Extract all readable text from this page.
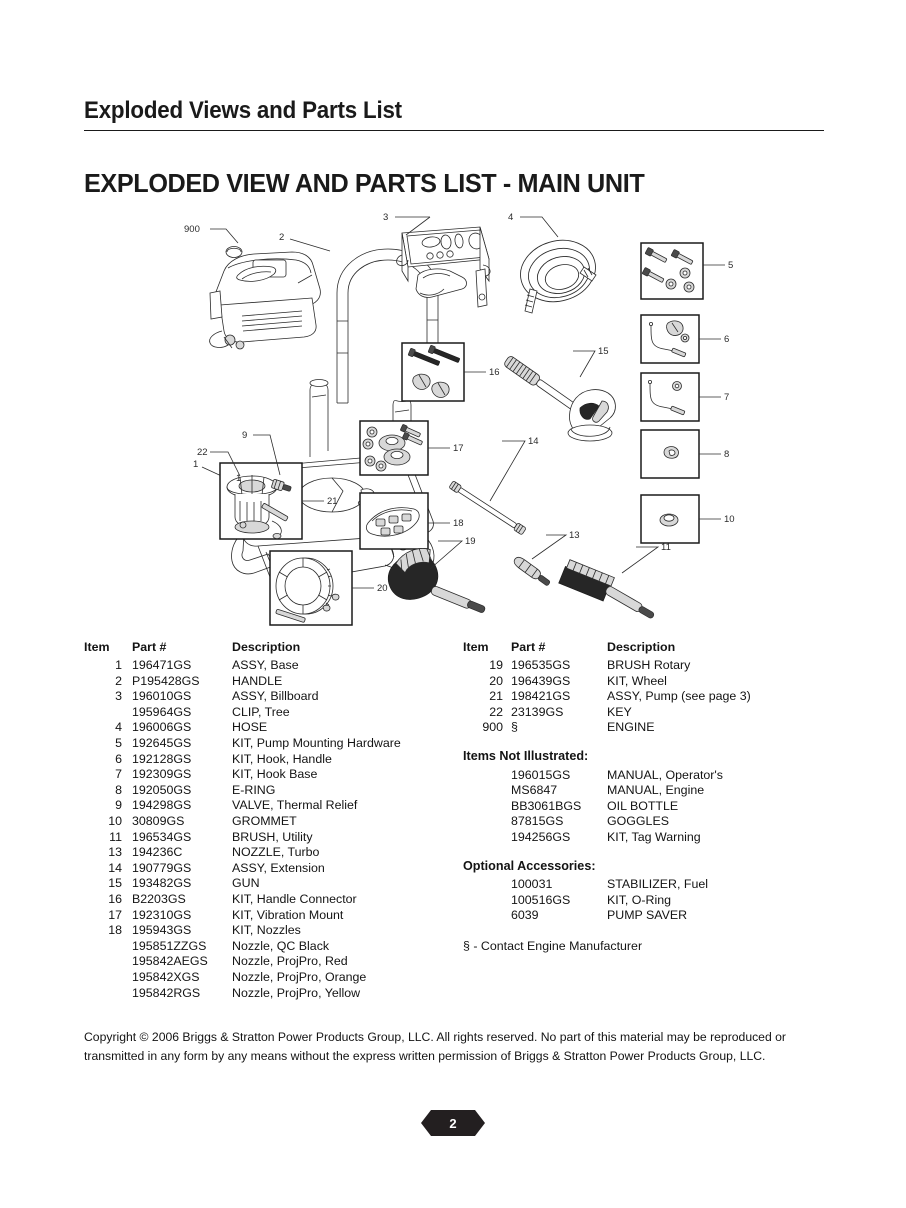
Exploded Views and Parts List
EXPLODED VIEW AND PARTS LIST - MAIN UNIT
900
1
2
3	4
5
6
7
8
10
16
17
18
21
22
1
9
20
15
14
19
13
11
Item	Part #	Description
1 196471GS	ASSY, Base
2 P195428GS	HANDLE
3 196010GS	ASSY, Billboard
195964GS	CLIP, Tree
4 196006GS	HOSE
5 192645GS	KIT, Pump Mounting Hardware
6 192128GS	KIT, Hook, Handle
7 192309GS	KIT, Hook Base
8 192050GS	E-RING
9 194298GS	VALVE, Thermal Relief
10 30809GS	GROMMET
11 196534GS	BRUSH, Utility
13 194236C	NOZZLE, Turbo
14 190779GS	ASSY, Extension
15 193482GS	GUN
16 B2203GS	KIT, Handle Connector
17 192310GS	KIT, Vibration Mount
18 195943GS	KIT, Nozzles
195851ZZGS	Nozzle, QC Black
195842AEGS	Nozzle, ProjPro, Red
195842XGS	Nozzle, ProjPro, Orange
195842RGS	Nozzle, ProjPro, Yellow
Item	Part #	Description
19 196535GS	BRUSH Rotary
20 196439GS	KIT, Wheel
21 198421GS	ASSY, Pump (see page 3)
22 23139GS	KEY
900 §	ENGINE
Items Not Illustrated:
196015GS	MANUAL, Operator's
MS6847	MANUAL, Engine
BB3061BGS	OIL BOTTLE
87815GS	GOGGLES
194256GS	KIT, Tag Warning
Optional Accessories:
100031	STABILIZER, Fuel
100516GS	KIT, O-Ring
6039	PUMP SAVER
§ - Contact Engine Manufacturer
Copyright © 2006 Briggs & Stratton Power Products Group, LLC. All rights reserved. No part of this material may be reproduced or transmitted in any form by any means without the express written permission of Briggs & Stratton Power Products Group, LLC.
2
